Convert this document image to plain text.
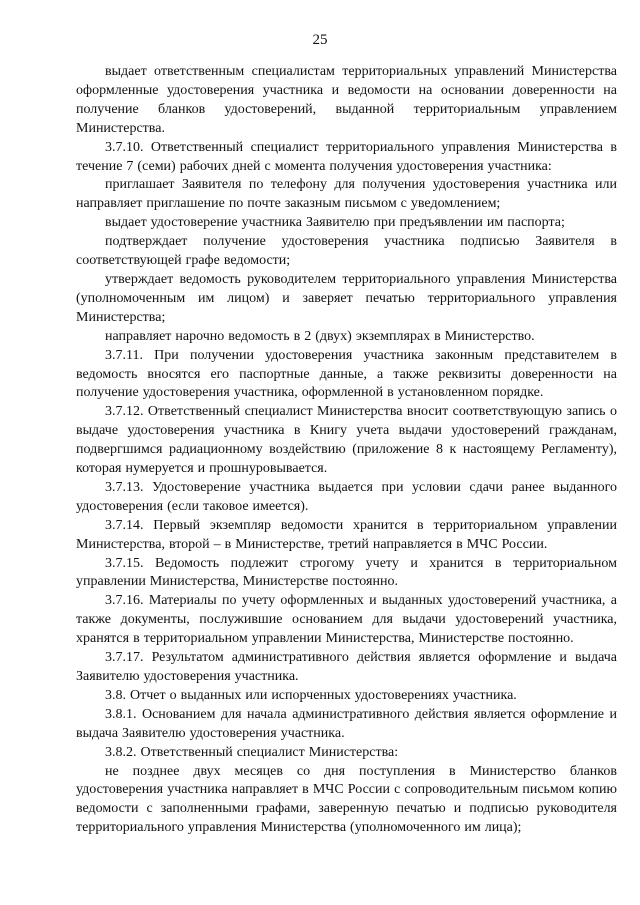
25

выдает ответственным специалистам территориальных управлений Министерства оформленные удостоверения участника и ведомости на основании доверенности на получение бланков удостоверений, выданной территориальным управлением Министерства.

3.7.10. Ответственный специалист территориального управления Министерства в течение 7 (семи) рабочих дней с момента получения удостоверения участника:

приглашает Заявителя по телефону для получения удостоверения участника или направляет приглашение по почте заказным письмом с уведомлением;

выдает удостоверение участника Заявителю при предъявлении им паспорта;

подтверждает получение удостоверения участника подписью Заявителя в соответствующей графе ведомости;

утверждает ведомость руководителем территориального управления Министерства (уполномоченным им лицом) и заверяет печатью территориального управления Министерства;

направляет нарочно ведомость в 2 (двух) экземплярах в Министерство.

3.7.11. При получении удостоверения участника законным представителем в ведомость вносятся его паспортные данные, а также реквизиты доверенности на получение удостоверения участника, оформленной в установленном порядке.

3.7.12. Ответственный специалист Министерства вносит соответствующую запись о выдаче удостоверения участника в Книгу учета выдачи удостоверений гражданам, подвергшимся радиационному воздействию (приложение 8 к настоящему Регламенту), которая нумеруется и прошнуровывается.

3.7.13. Удостоверение участника выдается при условии сдачи ранее выданного удостоверения (если таковое имеется).

3.7.14. Первый экземпляр ведомости хранится в территориальном управлении Министерства, второй – в Министерстве, третий направляется в МЧС России.

3.7.15. Ведомость подлежит строгому учету и хранится в территориальном управлении Министерства, Министерстве постоянно.

3.7.16. Материалы по учету оформленных и выданных удостоверений участника, а также документы, послужившие основанием для выдачи удостоверений участника, хранятся в территориальном управлении Министерства, Министерстве постоянно.

3.7.17. Результатом административного действия является оформление и выдача Заявителю удостоверения участника.

3.8. Отчет о выданных или испорченных удостоверениях участника.

3.8.1. Основанием для начала административного действия является оформление и выдача Заявителю удостоверения участника.

3.8.2. Ответственный специалист Министерства:

не позднее двух месяцев со дня поступления в Министерство бланков удостоверения участника направляет в МЧС России с сопроводительным письмом копию ведомости с заполненными графами, заверенную печатью и подписью руководителя территориального управления Министерства (уполномоченного им лица);
